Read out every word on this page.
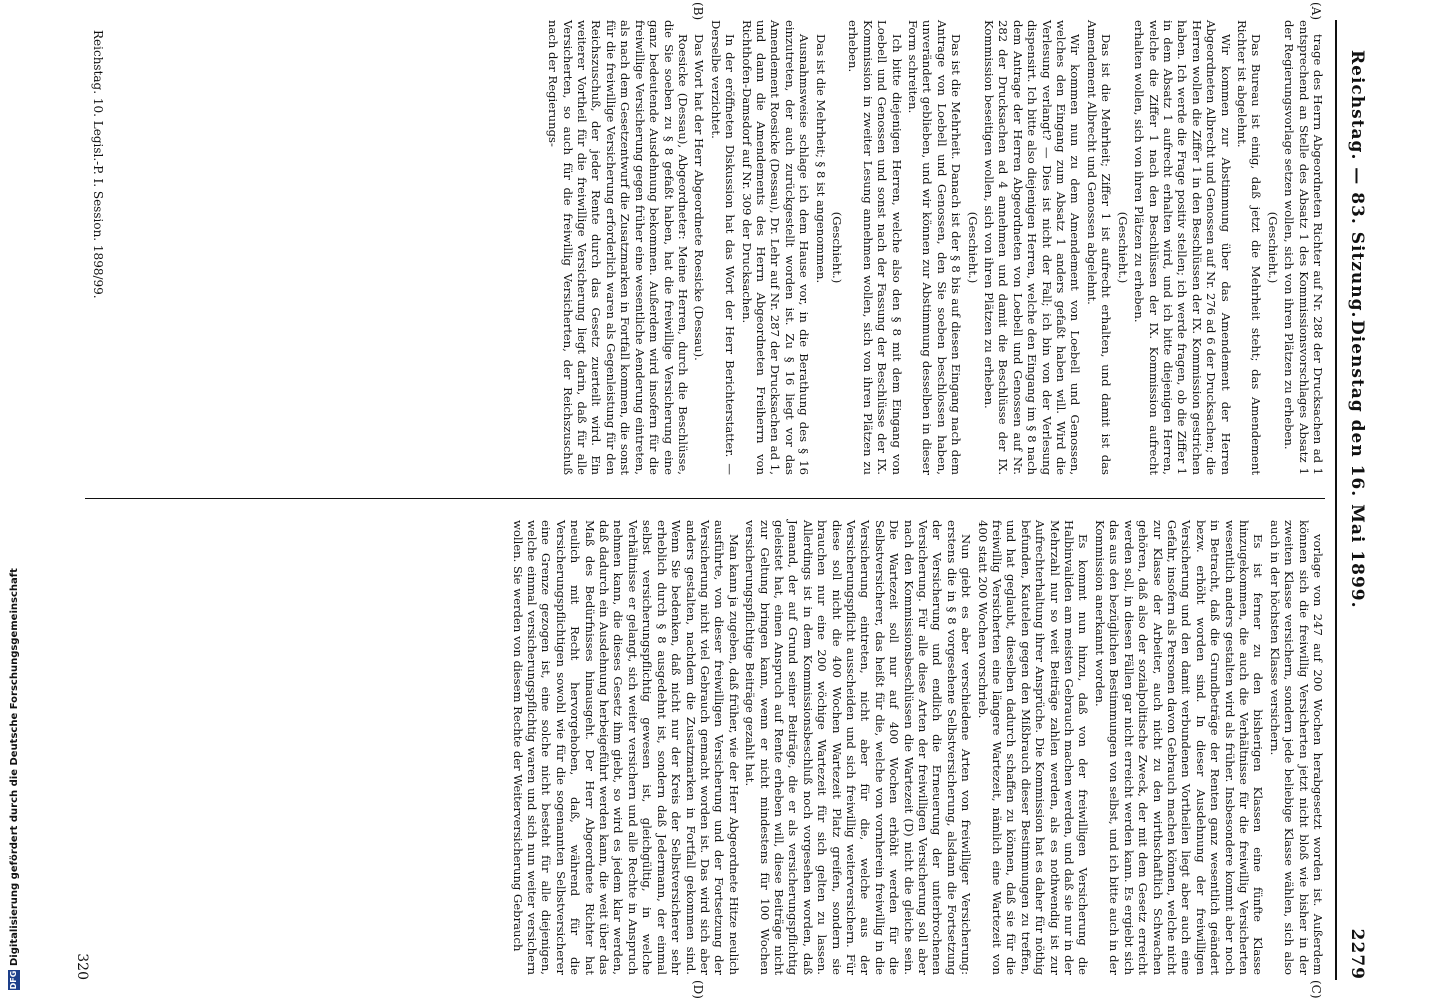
Reichstag. — 83. Sitzung.
Dienstag den 16. Mai 1899.
2279
(A)
(B)
(C)
(D)

trage des Herrn Abgeordneten Richter auf Nr. 288 der Drucksachen ad 1 entsprechend an Stelle des Absatz 1 des Kommissionsvorschlages Absatz 1 der Regierungsvorlage setzen wollen, sich von ihren Plätzen zu erheben.

(Geschieht.)

Das Bureau ist einig, daß jetzt die Mehrheit steht; das Amendement Richter ist abgelehnt.

Wir kommen zur Abstimmung über das Amendement der Herren Abgeordneten Albrecht und Genossen auf Nr. 276 ad 6 der Drucksachen; die Herren wollen die Ziffer 1 in den Beschlüssen der IX. Kommission gestrichen haben. Ich werde die Frage positiv stellen; ich werde fragen, ob die Ziffer 1 in dem Absatz 1 aufrecht erhalten wird, und ich bitte diejenigen Herren, welche die Ziffer 1 nach den Beschlüssen der IX. Kommission aufrecht erhalten wollen, sich von ihren Plätzen zu erheben.

(Geschieht.)

Das ist die Mehrheit; Ziffer 1 ist aufrecht erhalten, und damit ist das Amendement Albrecht und Genossen abgelehnt.

Wir kommen nun zu dem Amendement von Loebell und Genossen, welches den Eingang zum Absatz 1 anders gefaßt haben will. Wird die Verlesung verlangt? — Dies ist nicht der Fall; ich bin von der Verlesung dispensirt. Ich bitte also diejenigen Herren, welche den Eingang im § 8 nach dem Antrage der Herren Abgeordneten von Loebell und Genossen auf Nr. 282 der Drucksachen ad 4 annehmen und damit die Beschlüsse der IX. Kommission beseitigen wollen, sich von ihren Plätzen zu erheben.

(Geschieht.)

Das ist die Mehrheit. Danach ist der § 8 bis auf diesen Eingang nach dem Antrage von Loebell und Genossen, den Sie soeben beschlossen haben, unverändert geblieben, und wir können zur Abstimmung desselben in dieser Form schreiten.

Ich bitte diejenigen Herren, welche also den § 8 mit dem Eingang von Loebell und Genossen und sonst nach der Fassung der Beschlüsse der IX. Kommission in zweiter Lesung annehmen wollen, sich von ihren Plätzen zu erheben.

(Geschieht.)

Das ist die Mehrheit; § 8 ist angenommen.

Ausnahmsweise schlage ich dem Hause vor, in die Berathung des § 16 einzutreten, der auch zurückgestellt worden ist. Zu § 16 liegt vor das Amendement Roesicke (Dessau), Dr. Lehr auf Nr. 287 der Drucksachen ad 1, und dann die Amendements des Herrn Abgeordneten Freiherrn von Richthofen-Damsdorf auf Nr. 309 der Drucksachen.

In der eröffneten Diskussion hat das Wort der Herr Berichterstatter. — Derselbe verzichtet.

Das Wort hat der Herr Abgeordnete Roesicke (Dessau).

Roesicke (Dessau), Abgeordneter: Meine Herren, durch die Beschlüsse, die Sie soeben zu § 8 gefaßt haben, hat die freiwillige Versicherung eine ganz bedeutende Ausdehnung bekommen. Außerdem wird insofern für die freiwillige Versicherung gegen früher eine wesentliche Aenderung eintreten, als nach dem Gesetzentwurf die Zusatzmarken in Fortfall kommen, die sonst für die freiwillige Versicherung erforderlich waren als Gegenleistung für den Reichszuschuß, der jeder Rente durch das Gesetz zuerteilt wird. Ein weiterer Vortheil für die freiwillige Versicherung liegt darin, daß für alle Versicherten, so auch für die freiwillig Versicherten, der Reichszuschuß nach der Regierungs-

vorlage von 247 auf 200 Wochen herabgesetzt worden ist. Außerdem können sich die freiwillig Versicherten jetzt nicht bloß wie bisher in der zweiten Klasse versichern, sondern jede beliebige Klasse wählen, sich also auch in der höchsten Klasse versichern.

Es ist ferner zu den bisherigen Klassen eine fünfte Klasse hinzugekommen, die auch die Verhältnisse für die freiwillig Versicherten wesentlich anders gestalten wird als früher. Insbesondere kommt aber noch in Betracht, daß die Grundbeträge der Renten ganz wesentlich geändert bezw. erhöht worden sind. In dieser Ausdehnung der freiwilligen Versicherung und den damit verbundenen Vortheilen liegt aber auch eine Gefahr, insofern als Personen davon Gebrauch machen können, welche nicht zur Klasse der Arbeiter, auch nicht zu den wirthschaftlich Schwachen gehören, daß also der sozialpolitische Zweck, der mit dem Gesetz erreicht werden soll, in diesen Fällen gar nicht erreicht werden kann. Es ergiebt sich das aus den bezüglichen Bestimmungen von selbst, und ich bitte auch in der Kommission anerkannt worden.

Es kommt nun hinzu, daß von der freiwilligen Versicherung die Halbinvaliden am meisten Gebrauch machen werden, und daß sie nur in der Mehrzahl nur so weit Beiträge zahlen werden, als es nothwendig ist zur Aufrechterhaltung ihrer Ansprüche. Die Kommission hat es daher für nöthig befunden, Kautelen gegen den Mißbrauch dieser Bestimmungen zu treffen, und hat geglaubt, dieselben dadurch schaffen zu können, daß sie für die freiwillig Versicherten eine längere Wartezeit, nämlich eine Wartezeit von 400 statt 200 Wochen vorschrieb.

Nun giebt es aber verschiedene Arten von freiwilliger Versicherung: erstens die in § 8 vorgesehene Selbstversicherung, alsdann die Fortsetzung der Versicherung und endlich die Erneuerung der unterbrochenen Versicherung. Für alle diese Arten der freiwilligen Versicherung soll aber nach den Kommissionsbeschlüssen die Wartezeit (D) nicht die gleiche sein. Die Wartezeit soll nur auf 400 Wochen erhöht werden für die Selbstversicherer, das heißt für die, welche von vornherein freiwillig in die Versicherung eintreten, nicht aber für die, welche aus der Versicherungspflicht ausscheiden und sich freiwillig weiterversichern. Für diese soll nicht die 400 Wochen Wartezeit Platz greifen, sondern sie brauchen nur eine 200 wöchige Wartezeit für sich gelten zu lassen. Allerdings ist in dem Kommissionsbeschluß noch vorgesehen worden, daß Jemand, der auf Grund seiner Beiträge, die er als versicherungspflichtig geleistet hat, einen Anspruch auf Rente erheben will, diese Beiträge nicht zur Geltung bringen kann, wenn er nicht mindestens für 100 Wochen versicherungspflichtige Beiträge gezahlt hat.

Man kann ja zugeben, daß früher, wie der Herr Abgeordnete Hitze neulich ausführte, von dieser freiwilligen Versicherung und der Fortsetzung der Versicherung nicht viel Gebrauch gemacht worden ist. Das wird sich aber anders gestalten, nachdem die Zusatzmarken in Fortfall gekommen sind. Wenn Sie bedenken, daß nicht nur der Kreis der Selbstversicherer sehr erheblich durch § 8 ausgedehnt ist, sondern daß Jedermann, der einmal selbst versicherungspflichtig gewesen ist, gleichgültig, in welche Verhältnisse er gelangt, sich weiter versichern und alle Rechte in Anspruch nehmen kann, die dieses Gesetz ihm giebt, so wird es jedem klar werden, daß dadurch ein Ausdehnung herbeigeführt werden kann, die weit über das Maß des Bedürfnisses hinausgeht. Der Herr Abgeordnete Richter hat neulich mit Recht hervorgehoben, daß, während für die Versicherungspflichtigen sowohl wie für die sogenannten Selbstversicherer eine Grenze gezogen ist, eine solche nicht besteht für alle diejenigen, welche einmal versicherungspflichtig waren und sich nun weiter versichern wollen. Sie werden von diesem Rechte der Weiterversicherung Gebrauch

Reichstag. 10. Legisl.-P. I. Session. 1898/99.
320
DFGDigitalisierung gefördert durch die Deutsche Forschungsgemeinschaft
